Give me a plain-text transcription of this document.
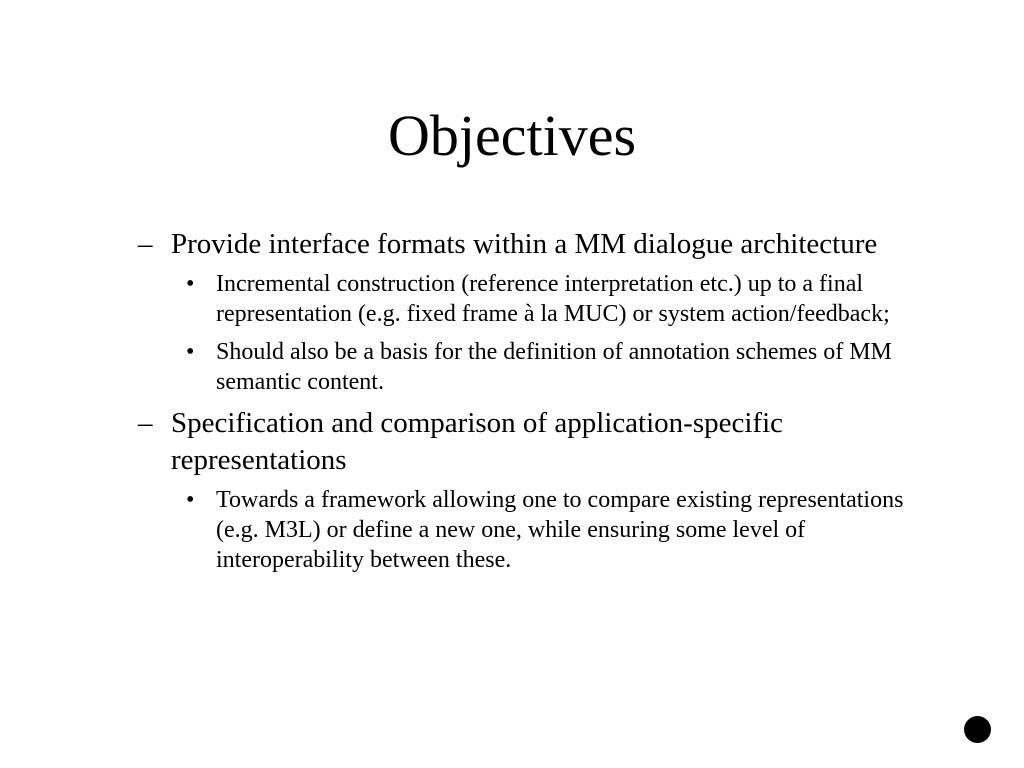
Objectives
– Provide interface formats within a MM dialogue architecture
• Incremental construction (reference interpretation etc.) up to a final representation (e.g. fixed frame à la MUC) or system action/feedback;
• Should also be a basis for the definition of annotation schemes of MM semantic content.
– Specification and comparison of application-specific representations
• Towards a framework allowing one to compare existing representations (e.g. M3L) or define a new one, while ensuring some level of interoperability between these.
